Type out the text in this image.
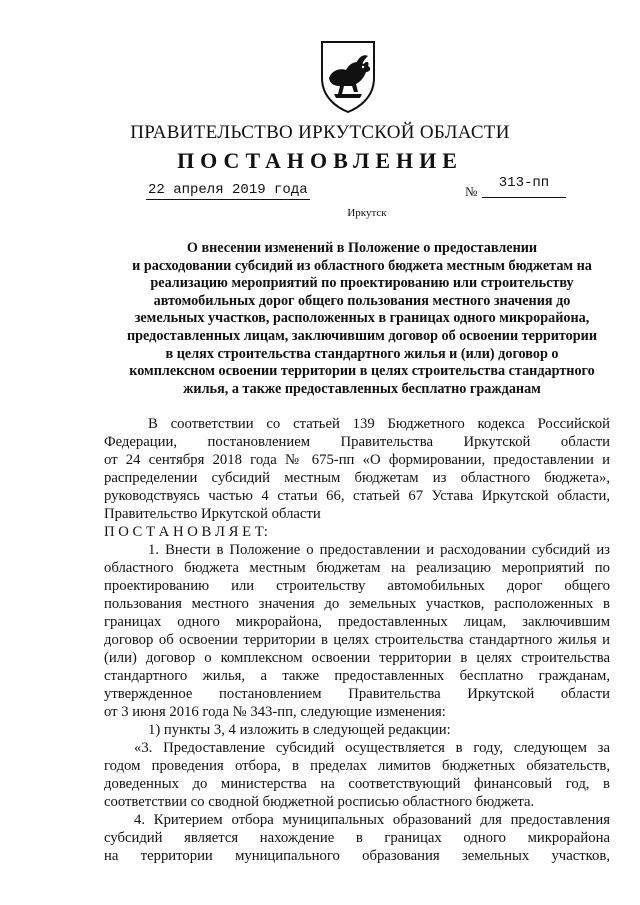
ПРАВИТЕЛЬСТВО ИРКУТСКОЙ ОБЛАСТИ
ПОСТАНОВЛЕНИЕ
22 апреля 2019 года	№
313-пп
Иркутск
О внесении изменений в Положение о предоставлении
и расходовании субсидий из областного бюджета местным бюджетам на
реализацию мероприятий по проектированию или строительству
автомобильных дорог общего пользования местного значения до
земельных участков, расположенных в границах одного микрорайона,
предоставленных лицам, заключившим договор об освоении территории
в целях строительства стандартного жилья и (или) договор о
комплексном освоении территории в целях строительства стандартного
жилья, а также предоставленных бесплатно гражданам
В соответствии со статьей 139 Бюджетного кодекса Российской
Федерации, постановлением Правительства Иркутской области
от 24 сентября 2018 года № 675-пп «О формировании, предоставлении и
распределении субсидий местным бюджетам из областного бюджета»,
руководствуясь частью 4 статьи 66, статьей 67 Устава Иркутской области,
Правительство Иркутской области
П О С Т А Н О В Л Я Е Т:
1. Внести в Положение о предоставлении и расходовании субсидий из
областного бюджета местным бюджетам на реализацию мероприятий по
проектированию или строительству автомобильных дорог общего
пользования местного значения до земельных участков, расположенных в
границах одного микрорайона, предоставленных лицам, заключившим
договор об освоении территории в целях строительства стандартного жилья и
(или) договор о комплексном освоении территории в целях строительства
стандартного жилья, а также предоставленных бесплатно гражданам,
утвержденное постановлением Правительства Иркутской области
от 3 июня 2016 года № 343-пп, следующие изменения:
1) пункты 3, 4 изложить в следующей редакции:
«3. Предоставление субсидий осуществляется в году, следующем за
годом проведения отбора, в пределах лимитов бюджетных обязательств,
доведенных до министерства на соответствующий финансовый год, в
соответствии со сводной бюджетной росписью областного бюджета.
4. Критерием отбора муниципальных образований для предоставления
субсидий является нахождение в границах одного микрорайона
на территории муниципального образования земельных участков,
